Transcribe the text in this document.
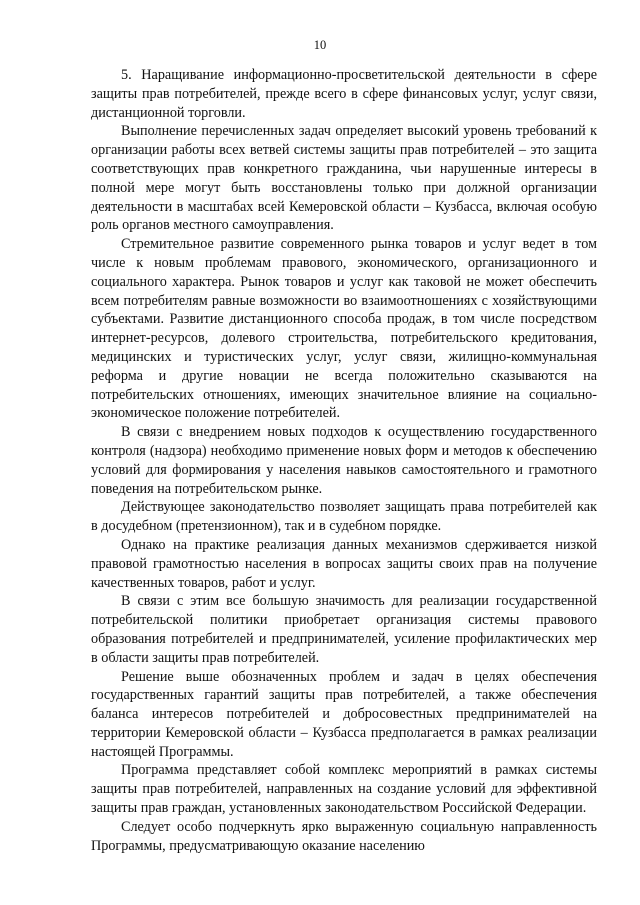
10

5. Наращивание информационно-просветительской деятельности в сфере защиты прав потребителей, прежде всего в сфере финансовых услуг, услуг связи, дистанционной торговли.

Выполнение перечисленных задач определяет высокий уровень требований к организации работы всех ветвей системы защиты прав потребителей – это защита соответствующих прав конкретного гражданина, чьи нарушенные интересы в полной мере могут быть восстановлены только при должной организации деятельности в масштабах всей Кемеровской области – Кузбасса, включая особую роль органов местного самоуправления.

Стремительное развитие современного рынка товаров и услуг ведет в том числе к новым проблемам правового, экономического, организационного и социального характера. Рынок товаров и услуг как таковой не может обеспечить всем потребителям равные возможности во взаимоотношениях с хозяйствующими субъектами. Развитие дистанционного способа продаж, в том числе посредством интернет-ресурсов, долевого строительства, потребительского кредитования, медицинских и туристических услуг, услуг связи, жилищно-коммунальная реформа и другие новации не всегда положительно сказываются на потребительских отношениях, имеющих значительное влияние на социально-экономическое положение потребителей.

В связи с внедрением новых подходов к осуществлению государственного контроля (надзора) необходимо применение новых форм и методов к обеспечению условий для формирования у населения навыков самостоятельного и грамотного поведения на потребительском рынке.

Действующее законодательство позволяет защищать права потребителей как в досудебном (претензионном), так и в судебном порядке.

Однако на практике реализация данных механизмов сдерживается низкой правовой грамотностью населения в вопросах защиты своих прав на получение качественных товаров, работ и услуг.

В связи с этим все большую значимость для реализации государственной потребительской политики приобретает организация системы правового образования потребителей и предпринимателей, усиление профилактических мер в области защиты прав потребителей.

Решение выше обозначенных проблем и задач в целях обеспечения государственных гарантий защиты прав потребителей, а также обеспечения баланса интересов потребителей и добросовестных предпринимателей на территории Кемеровской области – Кузбасса предполагается в рамках реализации настоящей Программы.

Программа представляет собой комплекс мероприятий в рамках системы защиты прав потребителей, направленных на создание условий для эффективной защиты прав граждан, установленных законодательством Российской Федерации.

Следует особо подчеркнуть ярко выраженную социальную направленность Программы, предусматривающую оказание населению
